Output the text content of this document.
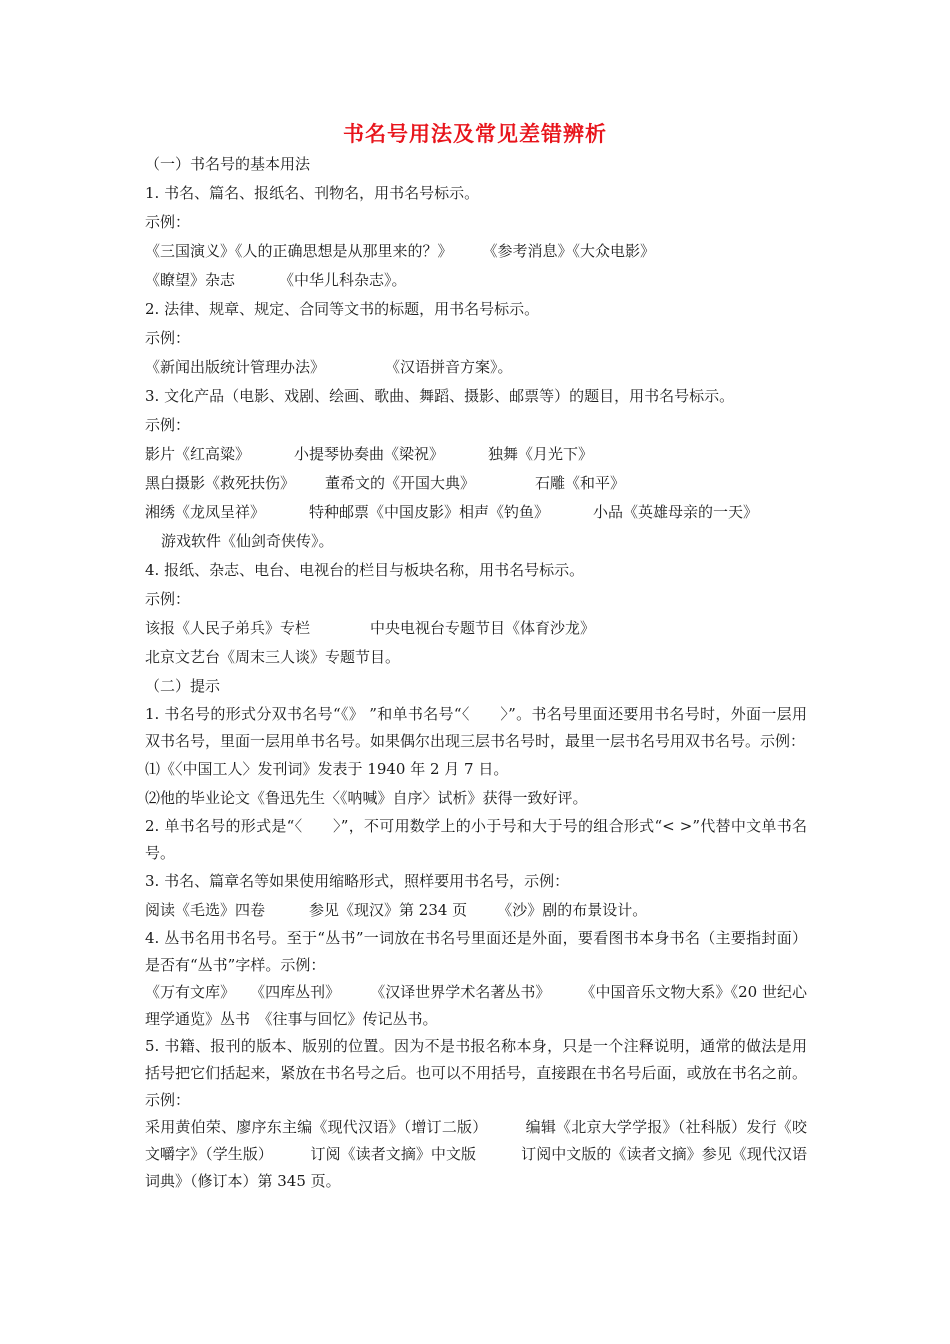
书名号用法及常见差错辨析

（一）书名号的基本用法

1. 书名、篇名、报纸名、刊物名，用书名号标示。

示例：

《三国演义》《人的正确思想是从那里来的？》 《参考消息》《大众电影》

《瞭望》杂志	《中华儿科杂志》。

2. 法律、规章、规定、合同等文书的标题，用书名号标示。

示例：

《新闻出版统计管理办法》	《汉语拼音方案》。

3. 文化产品（电影、戏剧、绘画、歌曲、舞蹈、摄影、邮票等）的题目，用书名号标示。

示例：

影片《红高粱》	小提琴协奏曲《梁祝》	独舞《月光下》

黑白摄影《救死扶伤》 董希文的《开国大典》	石雕《和平》

湘绣《龙凤呈祥》	特种邮票《中国皮影》相声《钓鱼》	小品《英雄母亲的一天》

游戏软件《仙剑奇侠传》。

4. 报纸、杂志、电台、电视台的栏目与板块名称，用书名号标示。

示例：

该报《人民子弟兵》专栏	中央电视台专题节目《体育沙龙》

北京文艺台《周末三人谈》专题节目。

（二）提示

1. 书名号的形式分双书名号“《》 ”和单书名号“〈　　〉”。书名号里面还要用书名号时，外面一层用双书名号，里面一层用单书名号。如果偶尔出现三层书名号时，最里一层书名号用双书名号。示例：

⑴《〈中国工人〉发刊词》发表于 1940 年 2 月 7 日。

⑵他的毕业论文《鲁迅先生〈《呐喊》自序〉试析》获得一致好评。

2. 单书名号的形式是“〈　　〉”，不可用数学上的小于号和大于号的组合形式“< >”代替中文单书名号。

3. 书名、篇章名等如果使用缩略形式，照样要用书名号，示例：

阅读《毛选》四卷	参见《现汉》第 234 页 《沙》剧的布景设计。

4. 丛书名用书名号。至于“丛书”一词放在书名号里面还是外面，要看图书本身书名（主要指封面）是否有“丛书”字样。示例：

《万有文库》　　《四库丛刊》　　　《汉译世界学术名著丛书》　　　《中国音乐文物大系》《20 世纪心理学通览》丛书　《往事与回忆》传记丛书。

5. 书籍、报刊的版本、版别的位置。因为不是书报名称本身，只是一个注释说明，通常的做法是用括号把它们括起来，紧放在书名号之后。也可以不用括号，直接跟在书名号后面，或放在书名之前。示例：

采用黄伯荣、廖序东主编《现代汉语》（增订二版）　　　编辑《北京大学学报》（社科版）发行《咬文嚼字》（学生版）　　　订阅《读者文摘》中文版　　　订阅中文版的《读者文摘》参见《现代汉语词典》（修订本）第 345 页。
